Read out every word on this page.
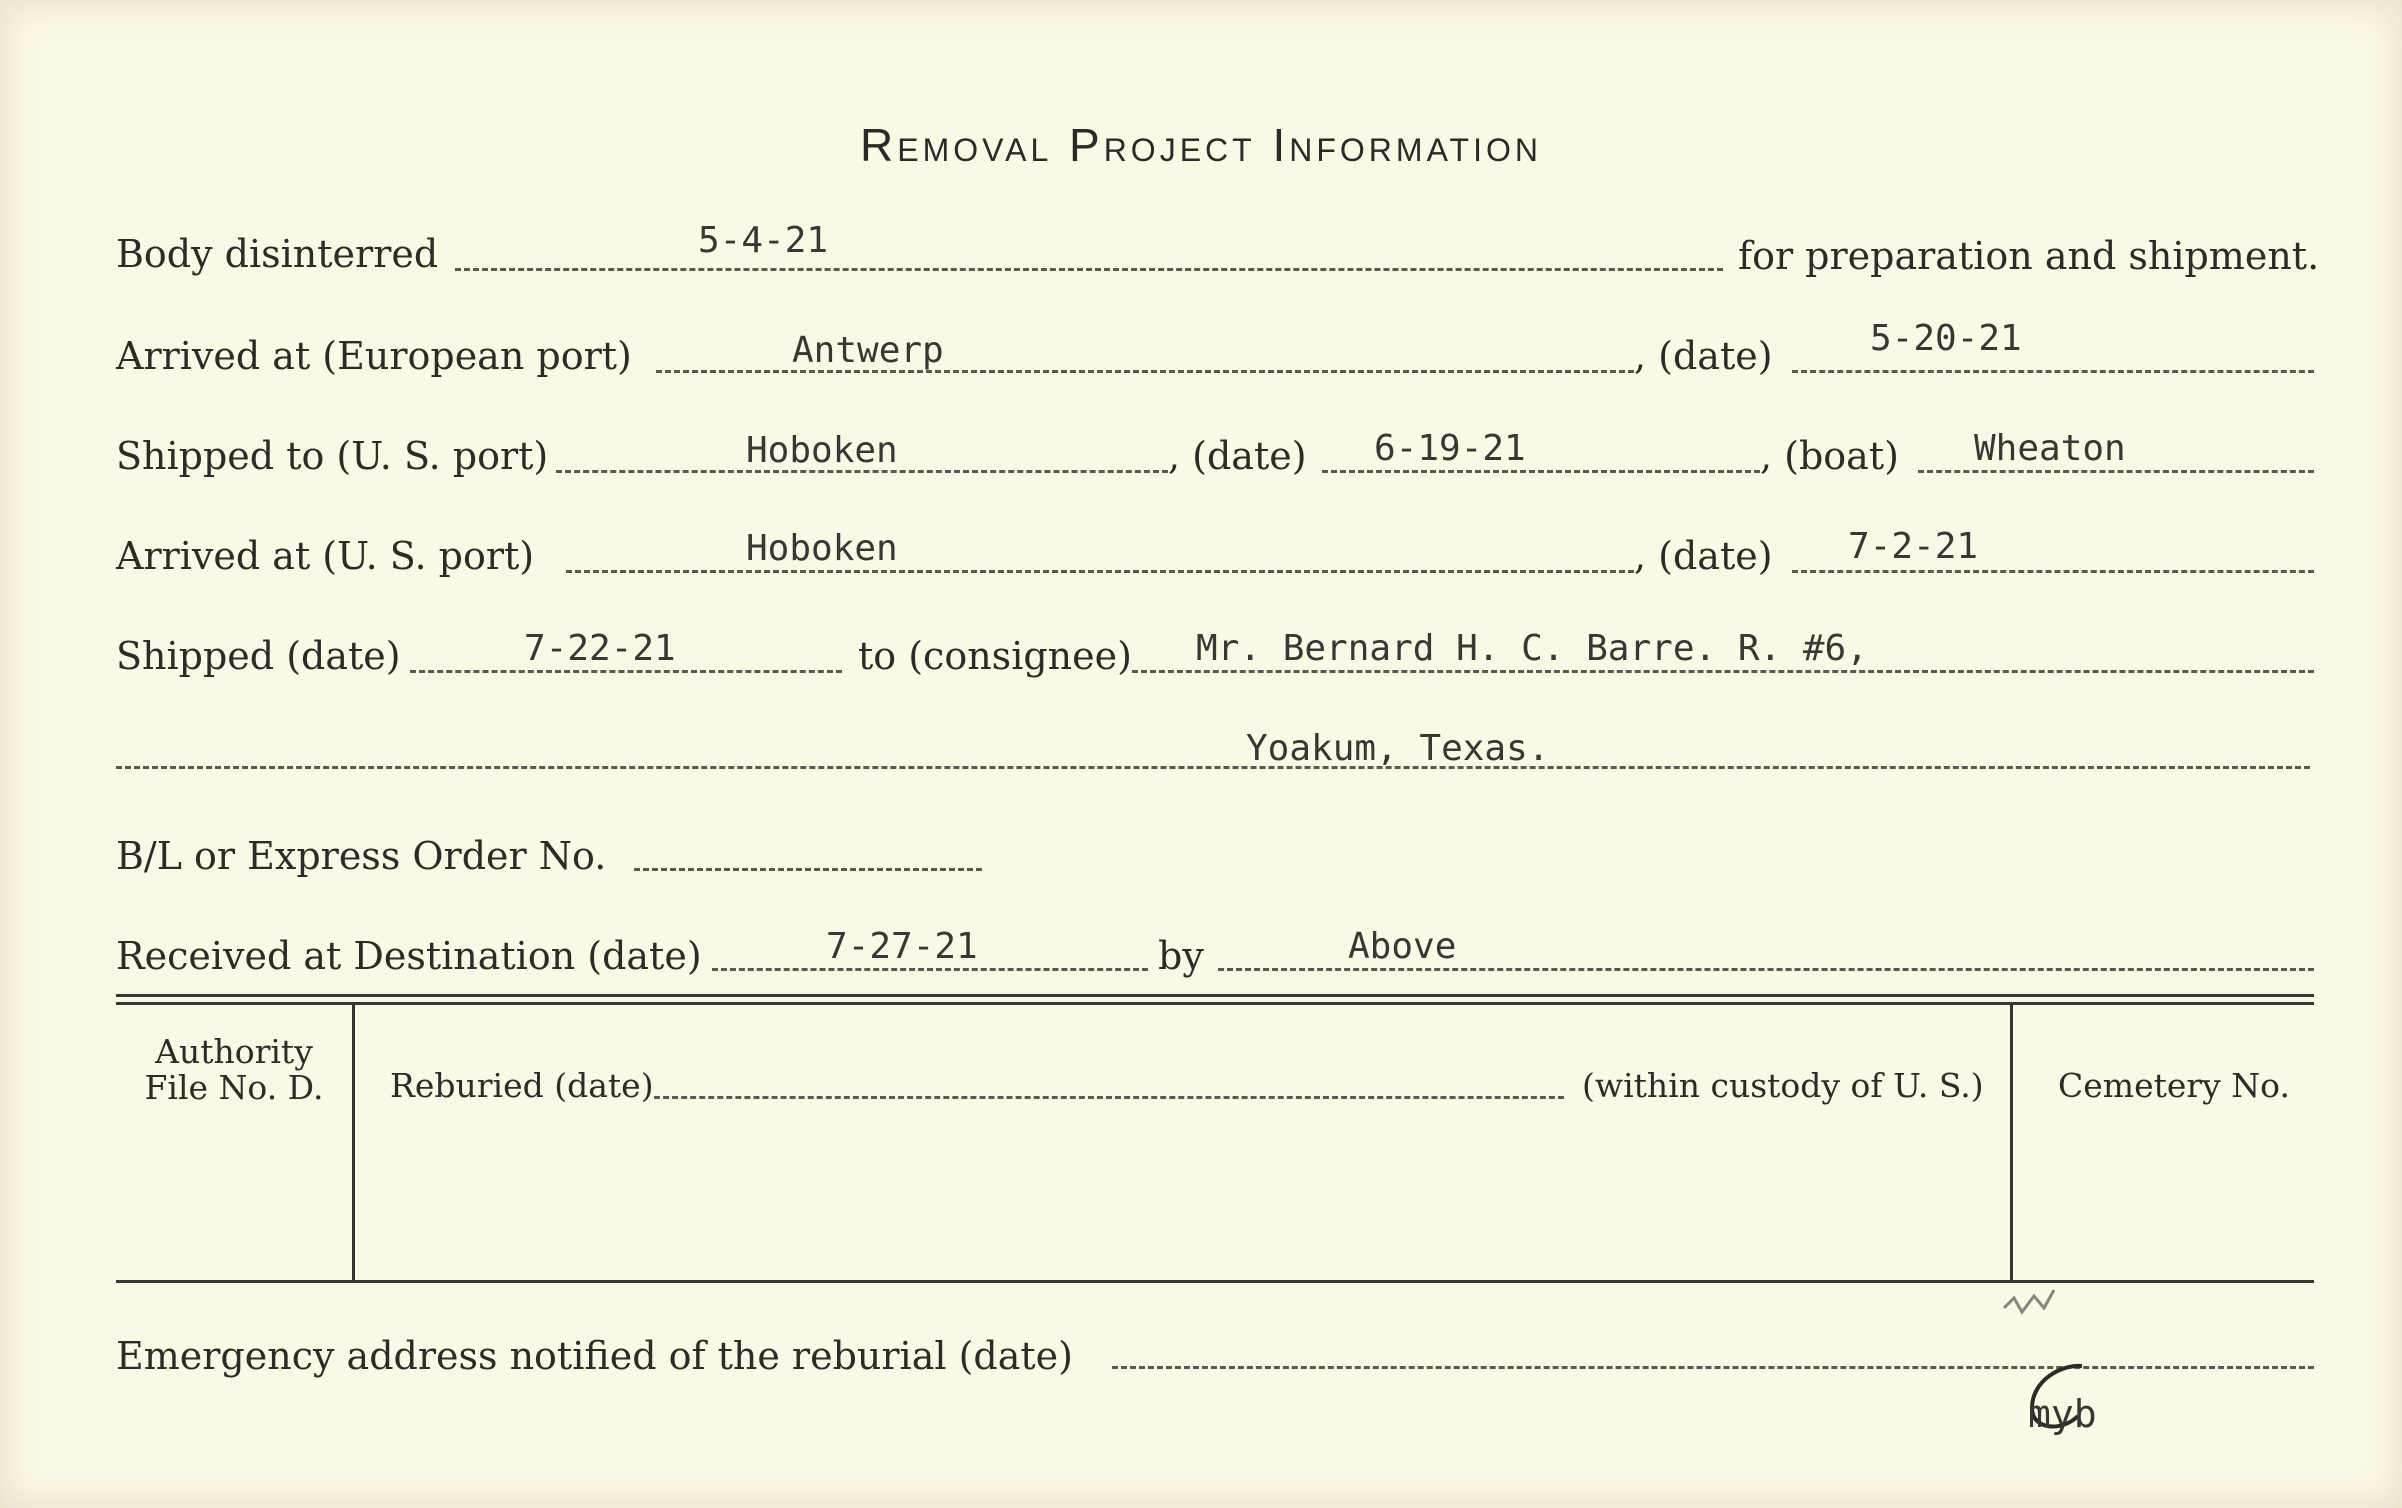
Removal Project Information
Body disinterred	5-4-21	for preparation and shipment.
Arrived at (European port)	Antwerp	, (date)	5-20-21
Shipped to (U. S. port)	Hoboken	, (date) 6-19-21	, (boat) Wheaton
Arrived at (U. S. port)	Hoboken	, (date) 7-2-21
Shipped (date)	7-22-21	to (consignee) Mr. Bernard H. C. Barre. R. #6,
Yoakum, Texas.
B/L or Express Order No.
Received at Destination (date)	7-27-21	by	Above
Authority
File No. D.	Reburied (date)	(within custody of U. S.) Cemetery No.
Emergency address notified of the reburial (date)
myb
